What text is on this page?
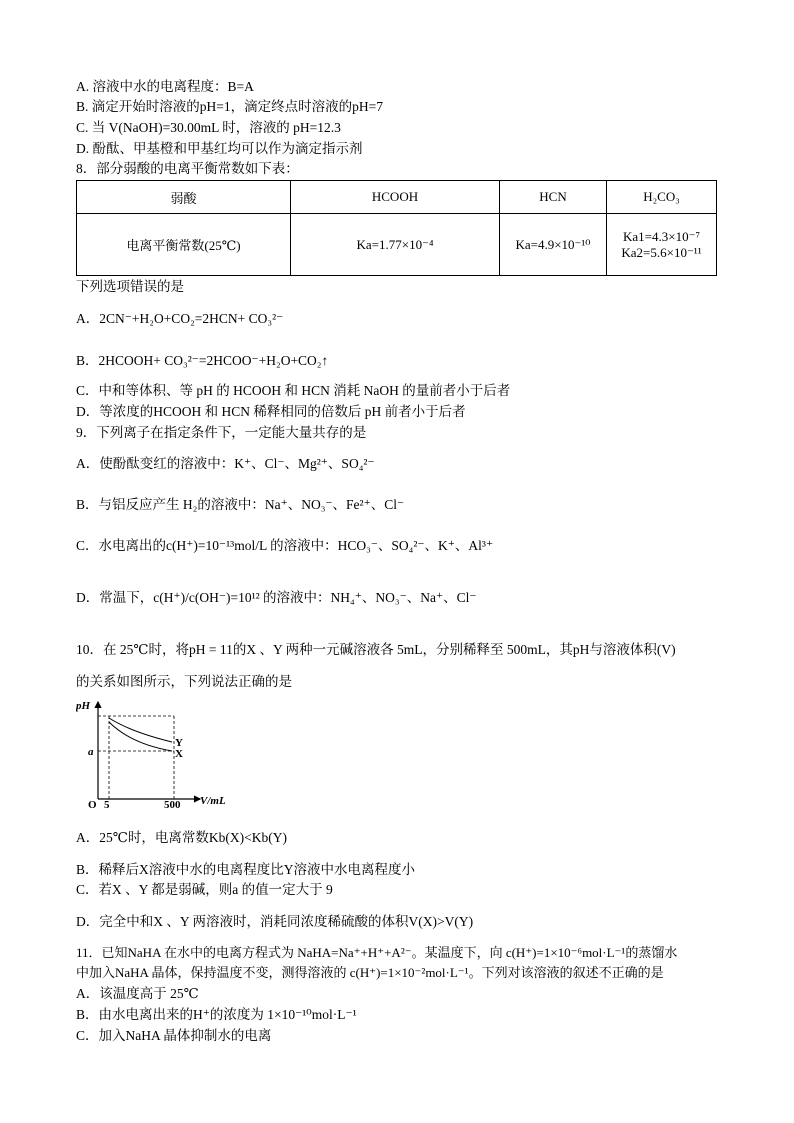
A. 溶液中水的电离程度：B=A
B. 滴定开始时溶液的pH=1，滴定终点时溶液的pH=7
C. 当 V(NaOH)=30.00mL 时，溶液的 pH=12.3
D. 酚酞、甲基橙和甲基红均可以作为滴定指示剂
8．部分弱酸的电离平衡常数如下表：
弱酸	HCOOH	HCN	H₂CO₃
电离平衡常数(25℃)	Ka=1.77×10⁻⁴	Ka=4.9×10⁻¹⁰	Ka1=4.3×10⁻⁷
Ka2=5.6×10⁻¹¹
下列选项错误的是
A．2CN⁻+H₂O+CO₂=2HCN+ CO₃²⁻
B．2HCOOH+ CO₃²⁻=2HCOO⁻+H₂O+CO₂↑
C．中和等体积、等 pH 的 HCOOH 和 HCN 消耗 NaOH 的量前者小于后者
D．等浓度的HCOOH 和 HCN 稀释相同的倍数后 pH 前者小于后者
9．下列离子在指定条件下，一定能大量共存的是
A．使酚酞变红的溶液中：K⁺、Cl⁻、Mg²⁺、SO₄²⁻
B．与铝反应产生 H₂的溶液中：Na⁺、NO₃⁻、Fe²⁺、Cl⁻
C．水电离出的c(H⁺)=10⁻¹³mol/L 的溶液中：HCO₃⁻、SO₄²⁻、K⁺、Al³⁺
D．常温下，c(H⁺)/c(OH⁻)=10¹² 的溶液中：NH₄⁺、NO₃⁻、Na⁺、Cl⁻
10．在 25℃时，将pH = 11的X 、Y 两种一元碱溶液各 5mL，分别稀释至 500mL，其pH与溶液体积(V)
的关系如图所示，下列说法正确的是
pH
a
O 5	500 V/mL
Y
X
A．25℃时，电离常数Kb(X)<Kb(Y)
B．稀释后X溶液中水的电离程度比Y溶液中水电离程度小
C．若X 、Y 都是弱碱，则a 的值一定大于 9
D．完全中和X 、Y 两溶液时，消耗同浓度稀硫酸的体积V(X)>V(Y)
11．已知NaHA 在水中的电离方程式为 NaHA=Na⁺+H⁺+A²⁻。某温度下，向 c(H⁺)=1×10⁻⁶mol·L⁻¹的蒸馏水
中加入NaHA 晶体，保持温度不变，测得溶液的 c(H⁺)=1×10⁻²mol·L⁻¹。下列对该溶液的叙述不正确的是
A．该温度高于 25℃
B．由水电离出来的H⁺的浓度为 1×10⁻¹⁰mol·L⁻¹
C．加入NaHA 晶体抑制水的电离
